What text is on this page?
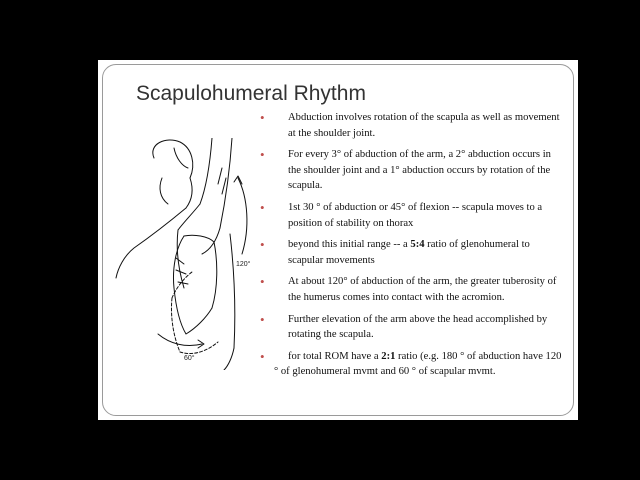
Scapulohumeral Rhythm
120°
60°
• Abduction involves rotation of the scapula as well as movement at the shoulder joint.
• For every 3° of abduction of the arm, a 2° abduction occurs in the shoulder joint and a 1° abduction occurs by rotation of the scapula.
• 1st 30 ° of abduction or 45° of flexion -- scapula moves to a position of stability on thorax
• beyond this initial range -- a 5:4 ratio of glenohumeral to scapular movements
• At about 120° of abduction of the arm, the greater tuberosity of the humerus comes into contact with the acromion.
• Further elevation of the arm above the head accomplished by rotating the scapula.
• for total ROM have a 2:1 ratio (e.g. 180 ° of abduction have 120 ° of glenohumeral mvmt and 60 ° of scapular mvmt.
